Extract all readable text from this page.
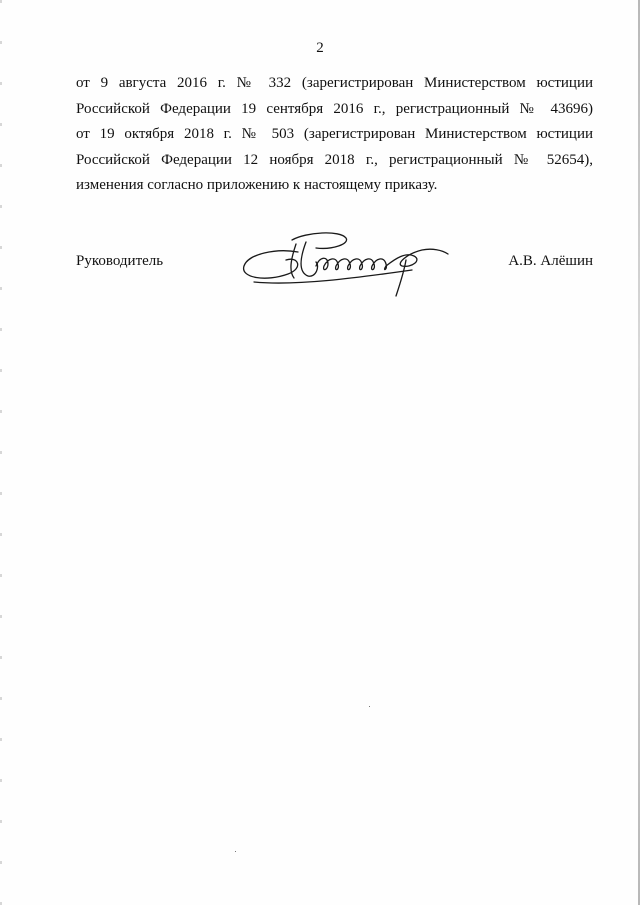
2
от 9 августа 2016 г. № 332 (зарегистрирован Министерством юстиции
Российской Федерации 19 сентября 2016 г., регистрационный № 43696)
от 19 октября 2018 г. № 503 (зарегистрирован Министерством юстиции
Российской Федерации 12 ноября 2018 г., регистрационный № 52654),
изменения согласно приложению к настоящему приказу.
Руководитель	А.В. Алёшин
